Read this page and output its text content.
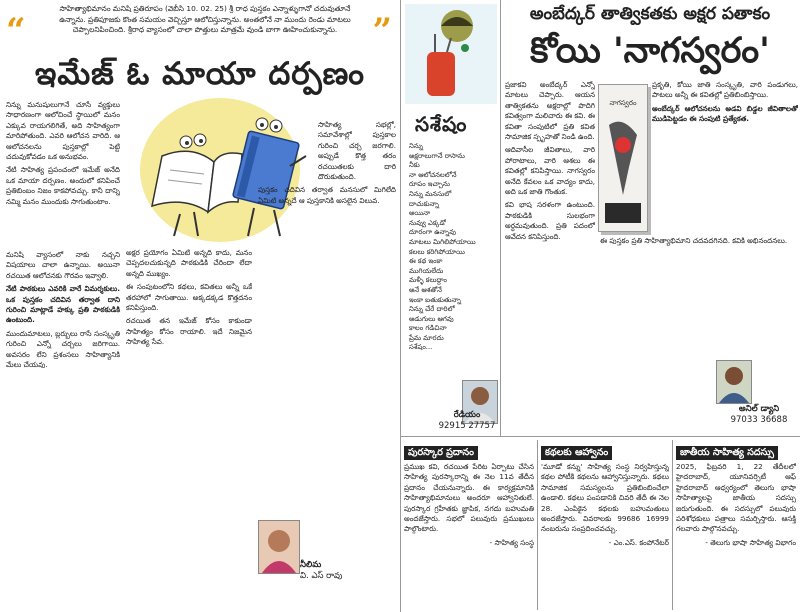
“
సాహిత్యాభిమానం మనిషి ప్రతిరూపం (వెబీసి 10. 02. 25) శ్రీ రాధ పుస్తకం ఎన్నాళ్ళుగానో చదువుతూనే ఉన్నాను. ప్రతిపూజకు కొంత సమయం వెచ్చిస్తూ ఆలోచిస్తున్నాను. అంతలోనే నా ముందు రెండు మాటలు చెప్పాలనిపించింది. శ్రీరాధ వ్యాసంలో చాలా పొత్తులు మాత్రమే వుండి బాగా ఊహించుకున్నాను.	”
ఇమేజ్ ఓ మాయా దర్పణం

నిన్ను మనుషులుగానే చూసే వ్యక్తులు సాధారణంగా ఆలోచించే స్థాయిలో మనం ఎక్కువ రాయగలిగితే, అది సాహిత్యంగా మారిపోతుంది. ఎవరి ఆలోచన వారిది. ఆ ఆలోచనలను పుస్తకాల్లో పెట్టి చదువుకోవడం ఒక అనుభవం.

నేటి సాహిత్య ప్రపంచంలో ఇమేజ్ అనేది ఒక మాయా దర్పణం. అందులో కనిపించే ప్రతిబింబం నిజం కాకపోవచ్చు. కానీ దాన్ని నమ్మి మనం ముందుకు సాగుతుంటాం.

మనిషి వ్యాసంలో నాకు నచ్చని విషయాలు చాలా ఉన్నాయి. అయినా రచయిత ఆలోచనకు గౌరవం ఇవ్వాలి.

నేటి పాఠకులు ఎవరికి వారే విమర్శకులు. ఒక పుస్తకం చదివిన తర్వాత దాని గురించి మాట్లాడే హక్కు ప్రతి పాఠకుడికి ఉంటుంది.

ముందుమాటలు, బ్లర్బులు రాసే సంస్కృతి గురించి ఎన్నో చర్చలు జరిగాయి. అవసరం లేని ప్రశంసలు సాహిత్యానికి మేలు చేయవు.

అక్షర ప్రయోగం ఏమిటి అన్నది కాదు, మనం చెప్పదలచుకున్నది పాఠకుడికి చేరిందా లేదా అన్నది ముఖ్యం.

ఈ సంపుటంలోని కథలు, కవితలు అన్నీ ఒకే తరహాలో సాగుతాయి. అక్కడక్కడ కొత్తదనం కనిపిస్తుంది.

రచయిత తన ఇమేజ్ కోసం కాకుండా సాహిత్యం కోసం రాయాలి. ఇదే నిజమైన సాహిత్య సేవ.

సాహిత్య సభల్లో, సమావేశాల్లో పుస్తకాల గురించి చర్చ జరగాలి. అప్పుడే కొత్త తరం రచయితలకు దారి దొరుకుతుంది.

పుస్తకం చదివిన తర్వాత మనసులో మిగిలేది ఏమిటి అన్నదే ఆ పుస్తకానికి అసలైన విలువ.

నీలిమ
వి. ఎస్ రావు
సశేషం
నిన్ను
అక్షరాలుగానే రాసాను
నీకు
నా ఆలోచనలలోనే
రూపం ఇచ్చాను
నిన్ను మనసులో
దాచుకున్నా
అయినా
నువ్వు ఎక్కడో
దూరంగా ఉన్నావు
మాటలు మిగిలిపోయాయి
కలలు కరిగిపోయాయి
ఈ కథ ఇంకా
ముగియలేదు
మళ్ళీ కలుద్దాం
అనే ఆశతోనే
ఇంకా బతుకుతున్నా
నిన్ను చేరే దారిలో
అడుగులు ఆగవు
కాలం గడిచినా
ప్రేమ మారదు
సశేషం...
రేడియం
92915 27757
అంబేద్కర్ తాత్వికతకు అక్షర పతాకం
కోయి 'నాగస్వరం'

ప్రజాకవి అంబేద్కర్ ఎన్నో మాటలు చెప్పారు. ఆయన తాత్వికతను అక్షరాల్లో పొదిగి కవిత్వంగా మలిచారు ఈ కవి. ఈ కవితా సంపుటిలో ప్రతి కవిత సామాజిక స్పృహతో నిండి ఉంది.

ఆదివాసీల జీవితాలు, వారి పోరాటాలు, వారి ఆశలు ఈ కవితల్లో కనిపిస్తాయి. నాగస్వరం అనేది కేవలం ఒక వాద్యం కాదు, అది ఒక జాతి గొంతుక.

కవి భాష సరళంగా ఉంటుంది. పాఠకుడికి సులభంగా అర్థమవుతుంది. ప్రతి పదంలో ఆవేదన కనిపిస్తుంది.

నాగస్వరం

ప్రకృతి, కోయి జాతి సంస్కృతి, వారి పండుగలు, పాటలు అన్నీ ఈ కవితల్లో ప్రతిబింబిస్తాయి.

అంబేద్కర్ ఆలోచనలను అడవి బిడ్డల జీవితాలతో ముడిపెట్టడం ఈ సంపుటి ప్రత్యేకత.

ఈ పుస్తకం ప్రతి సాహిత్యాభిమాని చదవదగినది. కవికి అభినందనలు.

అనిల్ డ్యాని
97033 36688
పురస్కార ప్రదానం

ప్రముఖ కవి, రచయిత పేరిట ఏర్పాటు చేసిన సాహిత్య పురస్కారాన్ని ఈ నెల 11వ తేదీన ప్రదానం చేయనున్నారు. ఈ కార్యక్రమానికి సాహిత్యాభిమానులు అందరూ ఆహ్వానితులే. పురస్కార గ్రహీతకు జ్ఞాపిక, నగదు బహుమతి అందజేస్తారు. సభలో పలువురు ప్రముఖులు పాల్గొంటారు.

- సాహిత్య సంస్థ

కథలకు ఆహ్వానం

'మూడో కన్ను' సాహిత్య సంస్థ నిర్వహిస్తున్న కథల పోటీకి కథలను ఆహ్వానిస్తున్నారు. కథలు సామాజిక సమస్యలను ప్రతిబింబించేలా ఉండాలి. కథలు పంపడానికి చివరి తేదీ ఈ నెల 28. ఎంపికైన కథలకు బహుమతులు అందజేస్తారు. వివరాలకు 99686 16999 నంబరును సంప్రదించవచ్చు.

- ఎం.ఎస్. కంపోనేటర్

జాతీయ సాహిత్య సదస్సు

2025, ఫిబ్రవరి 1, 22 తేదీలలో హైదరాబాద్, యూనివర్సిటీ ఆఫ్ హైదరాబాద్ ఆధ్వర్యంలో తెలుగు భాషా సాహిత్యాలపై జాతీయ సదస్సు జరుగుతుంది. ఈ సదస్సులో పలువురు పరిశోధకులు పత్రాలు సమర్పిస్తారు. ఆసక్తి గలవారు పాల్గొనవచ్చు.

- తెలుగు భాషా సాహిత్య విభాగం
